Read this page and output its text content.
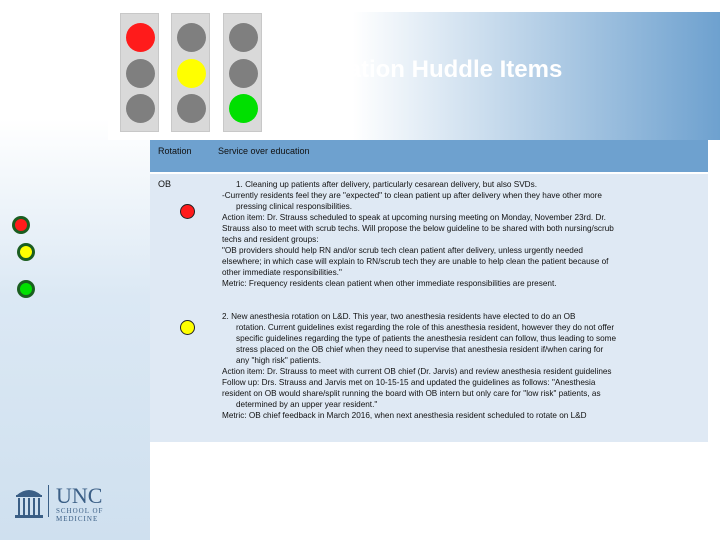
Rotation Huddle Items
Rotation	Service over education
OB	1. Cleaning up patients after delivery, particularly cesarean delivery, but also SVDs.

-Currently residents feel they are "expected" to clean patient up after delivery when they have other more

pressing clinical responsibilities.

Action item: Dr. Strauss scheduled to speak at upcoming nursing meeting on Monday, November 23rd. Dr.

Strauss also to meet with scrub techs. Will propose the below guideline to be shared with both nursing/scrub

techs and resident groups:

"OB providers should help RN and/or scrub tech clean patient after delivery, unless urgently needed

elsewhere; in which case will explain to RN/scrub tech they are unable to help clean the patient because of

other immediate responsibilities."

Metric: Frequency residents clean patient when other immediate responsibilities are present.

2. New anesthesia rotation on L&D. This year, two anesthesia residents have elected to do an OB

rotation. Current guidelines exist regarding the role of this anesthesia resident, however they do not offer

specific guidelines regarding the type of patients the anesthesia resident can follow, thus leading to some

stress placed on the OB chief when they need to supervise that anesthesia resident if/when caring for

any "high risk" patients.

Action item: Dr. Strauss to meet with current OB chief (Dr. Jarvis) and review anesthesia resident guidelines

Follow up: Drs. Strauss and Jarvis met on 10-15-15 and updated the guidelines as follows: "Anesthesia

resident on OB would share/split running the board with OB intern but only care for "low risk" patients, as

determined by an upper year resident."

Metric: OB chief feedback in March 2016, when next anesthesia resident scheduled to rotate on L&D

UNC
SCHOOL OF MEDICINE
